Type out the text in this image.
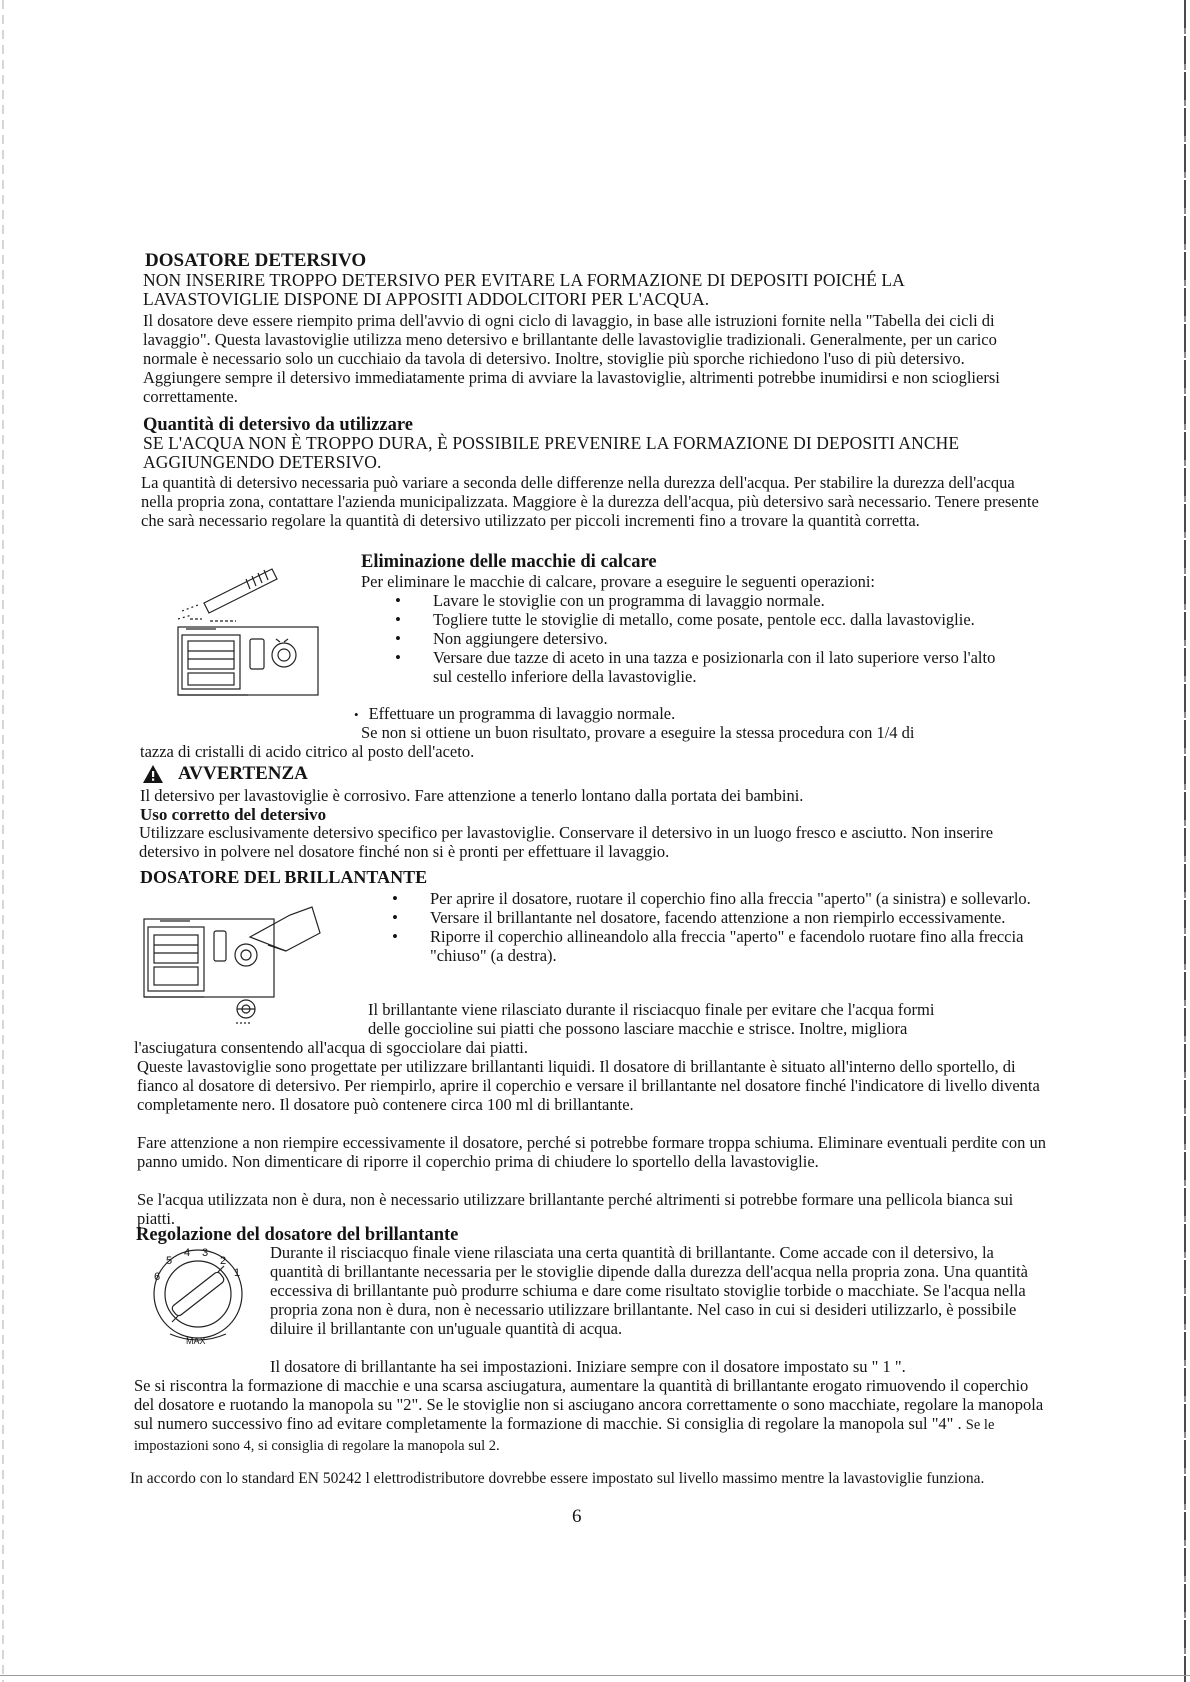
DOSATORE DETERSIVO
NON INSERIRE TROPPO DETERSIVO PER EVITARE LA FORMAZIONE DI DEPOSITI POICHÉ LA LAVASTOVIGLIE DISPONE DI APPOSITI ADDOLCITORI PER L'ACQUA.
Il dosatore deve essere riempito prima dell'avvio di ogni ciclo di lavaggio, in base alle istruzioni fornite nella "Tabella dei cicli di lavaggio". Questa lavastoviglie utilizza meno detersivo e brillantante delle lavastoviglie tradizionali. Generalmente, per un carico normale è necessario solo un cucchiaio da tavola di detersivo. Inoltre, stoviglie più sporche richiedono l'uso di più detersivo. Aggiungere sempre il detersivo immediatamente prima di avviare la lavastoviglie, altrimenti potrebbe inumidirsi e non sciogliersi correttamente.
Quantità di detersivo da utilizzare
SE L'ACQUA NON È TROPPO DURA, È POSSIBILE PREVENIRE LA FORMAZIONE DI DEPOSITI ANCHE AGGIUNGENDO DETERSIVO.
La quantità di detersivo necessaria può variare a seconda delle differenze nella durezza dell'acqua. Per stabilire la durezza dell'acqua nella propria zona, contattare l'azienda municipalizzata. Maggiore è la durezza dell'acqua, più detersivo sarà necessario. Tenere presente che sarà necessario regolare la quantità di detersivo utilizzato per piccoli incrementi fino a trovare la quantità corretta.
Eliminazione delle macchie di calcare
Per eliminare le macchie di calcare, provare a eseguire le seguenti operazioni:
• Lavare le stoviglie con un programma di lavaggio normale.
• Togliere tutte le stoviglie di metallo, come posate, pentole ecc. dalla lavastoviglie.
• Non aggiungere detersivo.
• Versare due tazze di aceto in una tazza e posizionarla con il lato superiore verso l'alto sul cestello inferiore della lavastoviglie.
• Effettuare un programma di lavaggio normale.
Se non si ottiene un buon risultato, provare a eseguire la stessa procedura con 1/4 di
tazza di cristalli di acido citrico al posto dell'aceto.
AVVERTENZA
Il detersivo per lavastoviglie è corrosivo. Fare attenzione a tenerlo lontano dalla portata dei bambini.
Uso corretto del detersivo
Utilizzare esclusivamente detersivo specifico per lavastoviglie. Conservare il detersivo in un luogo fresco e asciutto. Non inserire detersivo in polvere nel dosatore finché non si è pronti per effettuare il lavaggio.
DOSATORE DEL BRILLANTANTE
• Per aprire il dosatore, ruotare il coperchio fino alla freccia "aperto" (a sinistra) e sollevarlo.
• Versare il brillantante nel dosatore, facendo attenzione a non riempirlo eccessivamente.
• Riporre il coperchio allineandolo alla freccia "aperto" e facendolo ruotare fino alla freccia "chiuso" (a destra).
Il brillantante viene rilasciato durante il risciacquo finale per evitare che l'acqua formi
delle goccioline sui piatti che possono lasciare macchie e strisce. Inoltre, migliora
l'asciugatura consentendo all'acqua di sgocciolare dai piatti.
Queste lavastoviglie sono progettate per utilizzare brillantanti liquidi. Il dosatore di brillantante è situato all'interno dello sportello, di fianco al dosatore di detersivo. Per riempirlo, aprire il coperchio e versare il brillantante nel dosatore finché l'indicatore di livello diventa completamente nero. Il dosatore può contenere circa 100 ml di brillantante.
Fare attenzione a non riempire eccessivamente il dosatore, perché si potrebbe formare troppa schiuma. Eliminare eventuali perdite con un panno umido. Non dimenticare di riporre il coperchio prima di chiudere lo sportello della lavastoviglie.
Se l'acqua utilizzata non è dura, non è necessario utilizzare brillantante perché altrimenti si potrebbe formare una pellicola bianca sui piatti.
Regolazione del dosatore del brillantante
6
5
4 3
2
1
MAX
Durante il risciacquo finale viene rilasciata una certa quantità di brillantante. Come accade con il detersivo, la quantità di brillantante necessaria per le stoviglie dipende dalla durezza dell'acqua nella propria zona. Una quantità eccessiva di brillantante può produrre schiuma e dare come risultato stoviglie torbide o macchiate. Se l'acqua nella propria zona non è dura, non è necessario utilizzare brillantante. Nel caso in cui si desideri utilizzarlo, è possibile diluire il brillantante con un'uguale quantità di acqua.
Il dosatore di brillantante ha sei impostazioni. Iniziare sempre con il dosatore impostato su " 1 ".
Se si riscontra la formazione di macchie e una scarsa asciugatura, aumentare la quantità di brillantante erogato rimuovendo il coperchio del dosatore e ruotando la manopola su "2". Se le stoviglie non si asciugano ancora correttamente o sono macchiate, regolare la manopola sul numero successivo fino ad evitare completamente la formazione di macchie. Si consiglia di regolare la manopola sul "4" . Se le impostazioni sono 4, si consiglia di regolare la manopola sul 2.
In accordo con lo standard EN 50242 l elettrodistributore dovrebbe essere impostato sul livello massimo mentre la lavastoviglie funziona.
6
